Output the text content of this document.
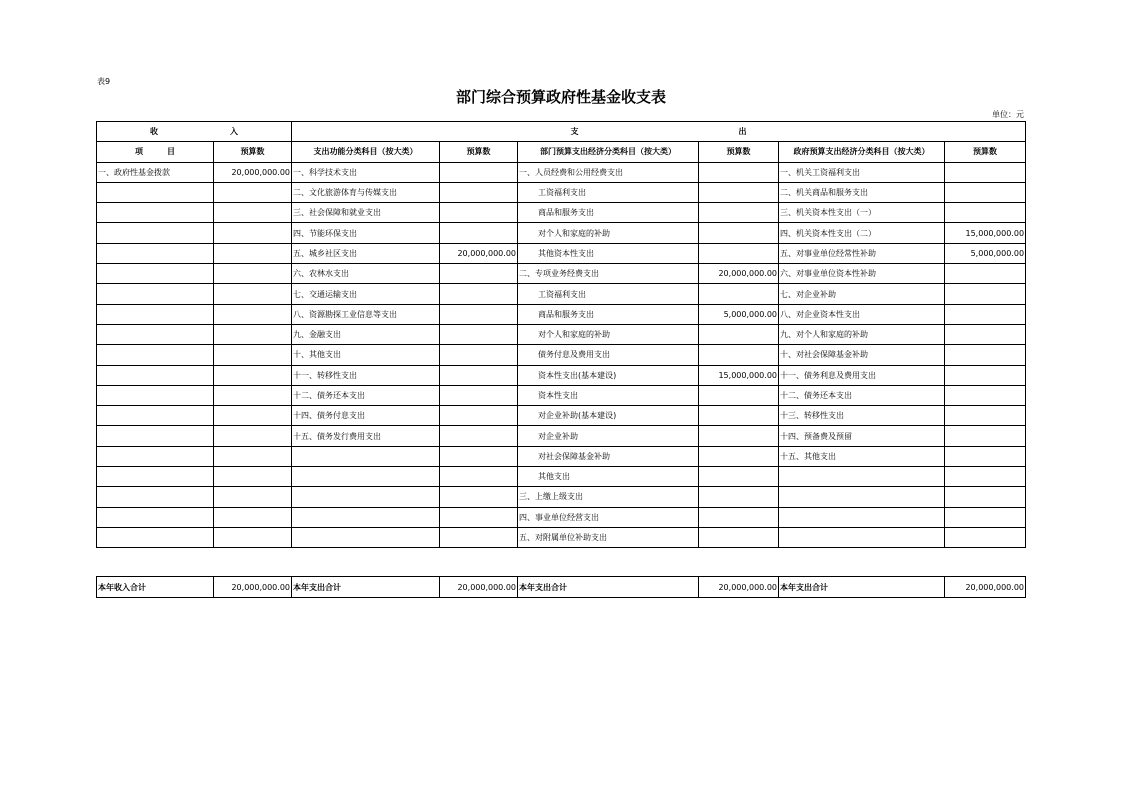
表9
部门综合预算政府性基金收支表
单位：元
收　　　　　　　　　入		支　　　　　　　　　　　　　　　　　　　　出					
项　　　目	预算数	支出功能分类科目（按大类）	预算数	部门预算支出经济分类科目（按大类）	预算数	政府预算支出经济分类科目（按大类）	预算数
一、政府性基金拨款	20,000,000.00	一、科学技术支出		一、人员经费和公用经费支出		一、机关工资福利支出	
		二、文化旅游体育与传媒支出		工资福利支出		二、机关商品和服务支出	
		三、社会保障和就业支出		商品和服务支出		三、机关资本性支出（一）	
		四、节能环保支出		对个人和家庭的补助		四、机关资本性支出（二）	15,000,000.00
		五、城乡社区支出	20,000,000.00	其他资本性支出		五、对事业单位经常性补助	5,000,000.00
		六、农林水支出		二、专项业务经费支出	20,000,000.00	六、对事业单位资本性补助	
		七、交通运输支出		工资福利支出		七、对企业补助	
		八、资源勘探工业信息等支出		商品和服务支出	5,000,000.00	八、对企业资本性支出	
		九、金融支出		对个人和家庭的补助		九、对个人和家庭的补助	
		十、其他支出		债务付息及费用支出		十、对社会保障基金补助	
		十一、转移性支出		资本性支出(基本建设)	15,000,000.00	十一、债务利息及费用支出	
		十二、债务还本支出		资本性支出		十二、债务还本支出	
		十四、债务付息支出		对企业补助(基本建设)		十三、转移性支出	
		十五、债务发行费用支出		对企业补助		十四、预备费及预留	
				对社会保障基金补助		十五、其他支出	
				其他支出			
				三、上缴上级支出			
				四、事业单位经营支出			
				五、对附属单位补助支出			
本年收入合计	20,000,000.00	本年支出合计	20,000,000.00	本年支出合计	20,000,000.00	本年支出合计	20,000,000.00
